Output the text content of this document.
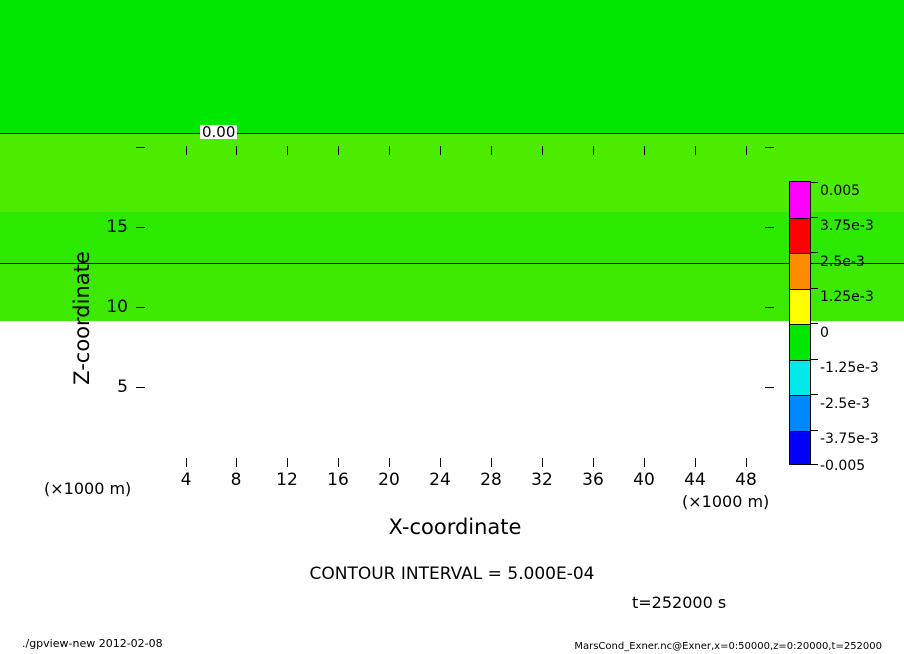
0.00
4 8 12 16 20 24 28 32 36 40 44 48
5
10
15
Z-coordinate
X-coordinate
(×1000 m)
(×1000 m)
0.005
3.75e-3
2.5e-3
1.25e-3
0
-1.25e-3
-2.5e-3
-3.75e-3
-0.005
CONTOUR INTERVAL = 5.000E-04
t=252000 s
./gpview-new 2012-02-08	MarsCond_Exner.nc@Exner,x=0:50000,z=0:20000,t=252000
